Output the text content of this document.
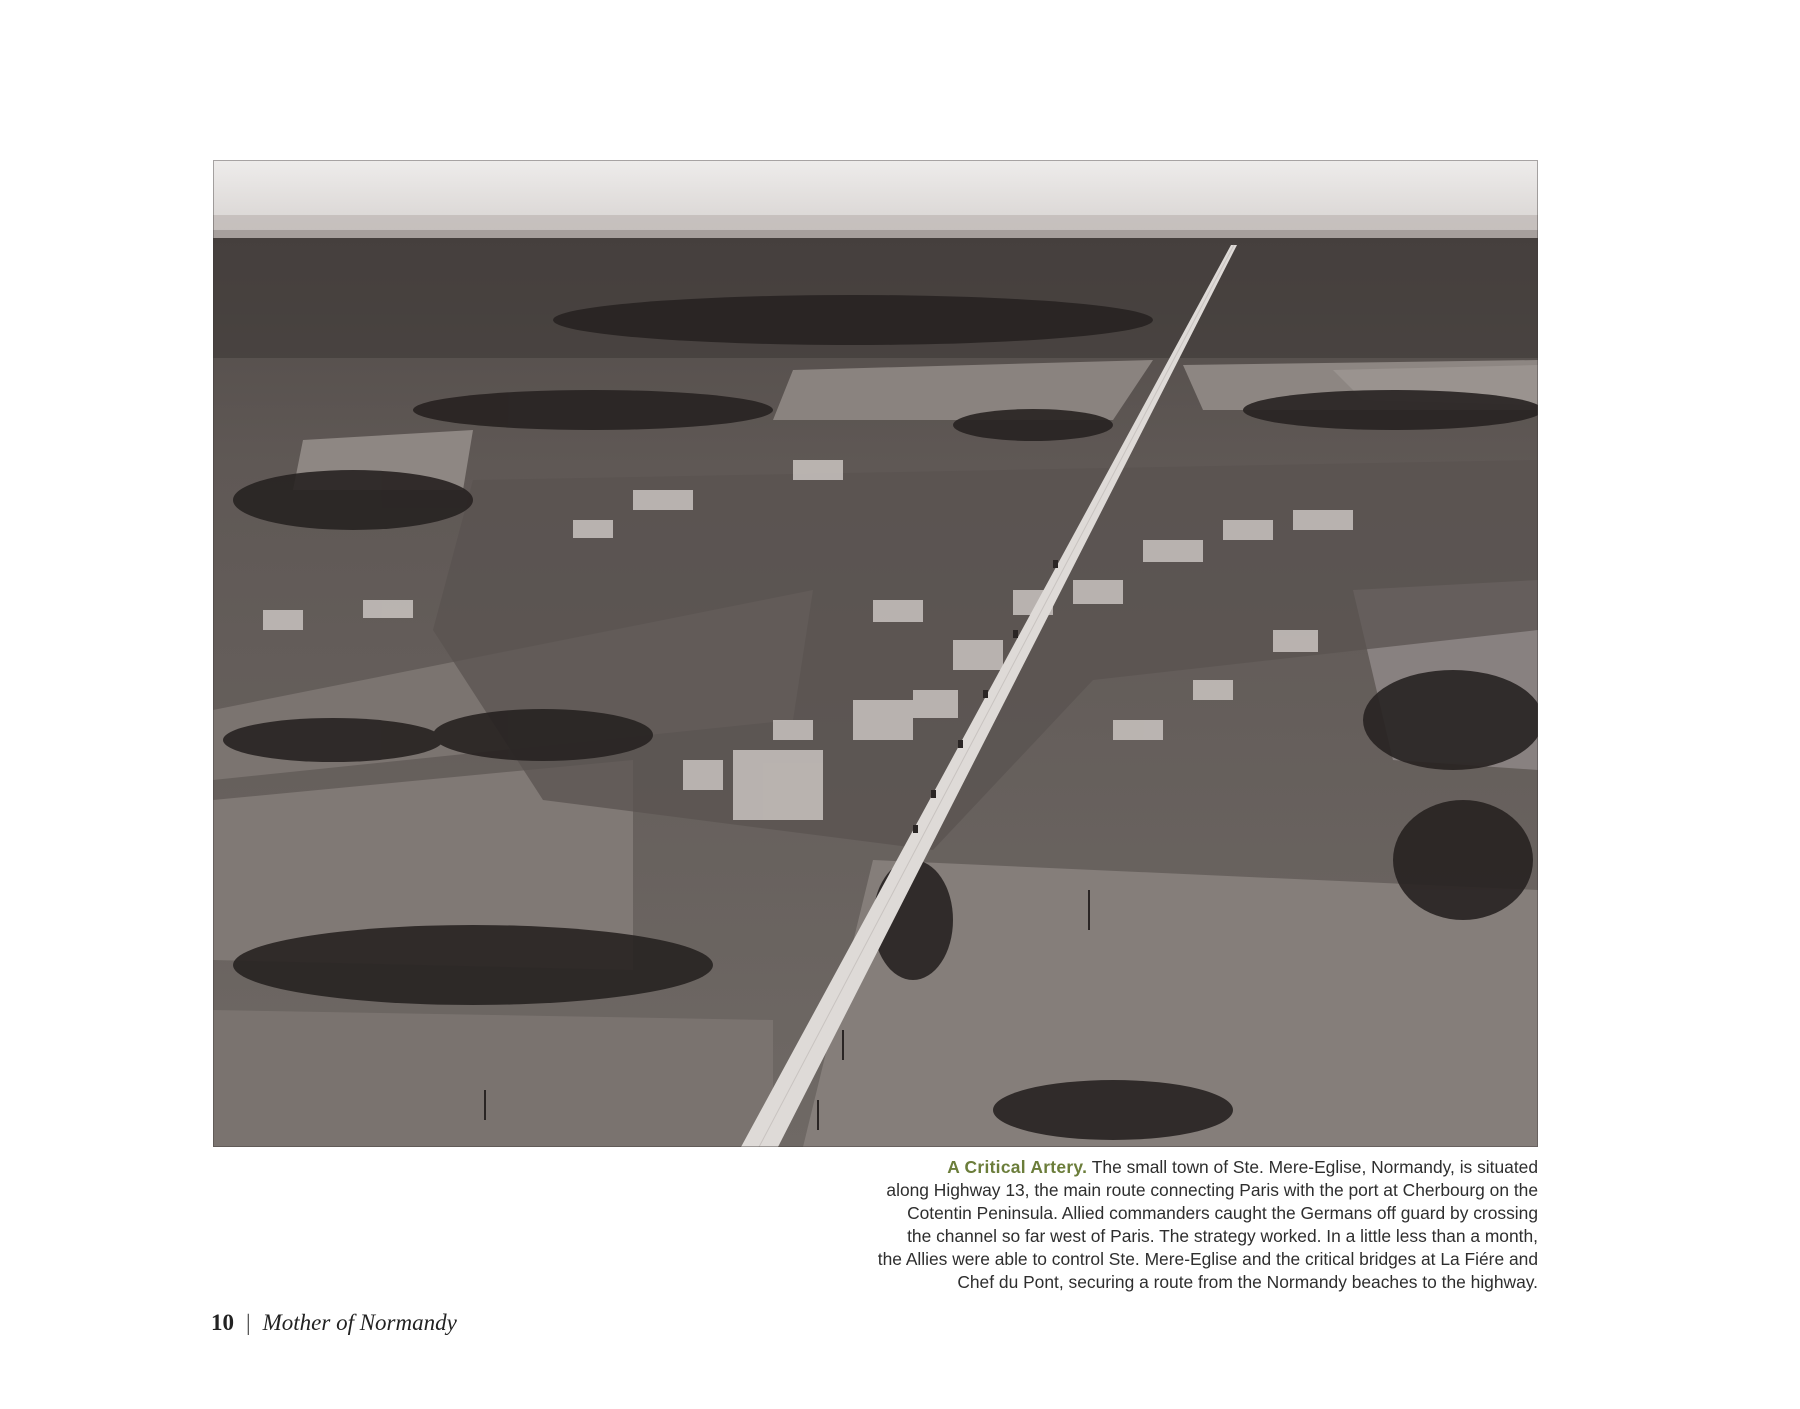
A Critical Artery. The small town of Ste. Mere-Eglise, Normandy, is situated
along Highway 13, the main route connecting Paris with the port at Cherbourg on the
Cotentin Peninsula. Allied commanders caught the Germans off guard by crossing
the channel so far west of Paris. The strategy worked. In a little less than a month,
the Allies were able to control Ste. Mere-Eglise and the critical bridges at La Fiére and
Chef du Pont, securing a route from the Normandy beaches to the highway.
10 | Mother of Normandy
